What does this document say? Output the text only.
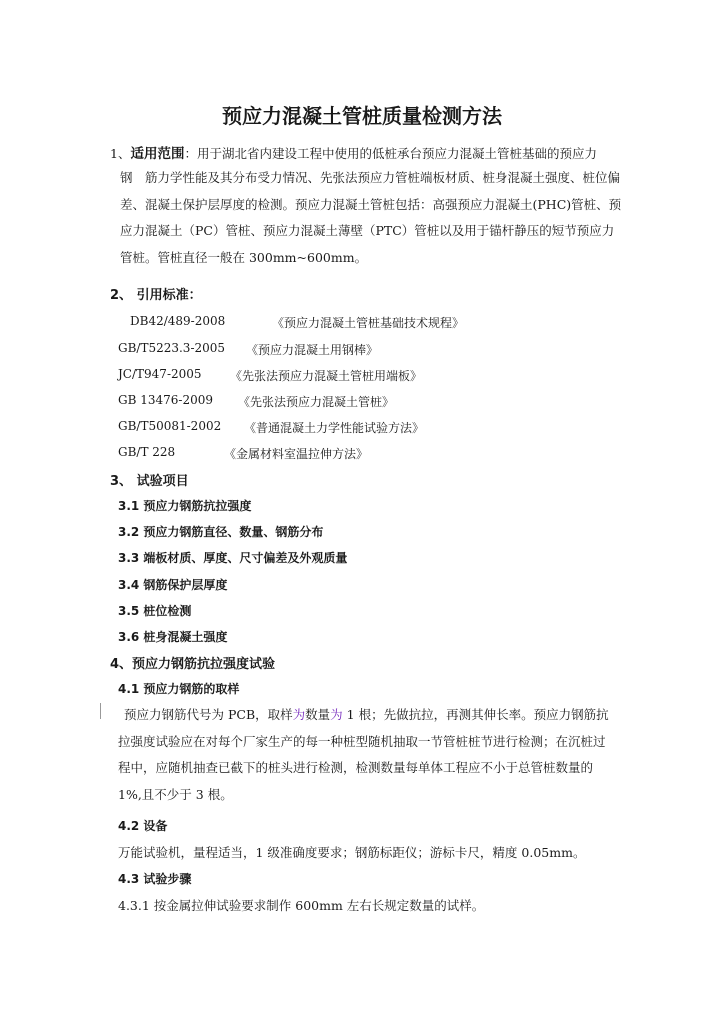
预应力混凝土管桩质量检测方法
1、适用范围：用于湖北省内建设工程中使用的低桩承台预应力混凝土管桩基础的预应力
钢　筋力学性能及其分布受力情况、先张法预应力管桩端板材质、桩身混凝土强度、桩位偏
差、混凝土保护层厚度的检测。预应力混凝土管桩包括：高强预应力混凝土(PHC)管桩、预
应力混凝土（PC）管桩、预应力混凝土薄壁（PTC）管桩以及用于锚杆静压的短节预应力
管桩。管桩直径一般在 300mm~600mm。
2、 引用标准：
DB42/489-2008	《预应力混凝土管桩基础技术规程》
GB/T5223.3-2005 《预应力混凝土用钢棒》
JC/T947-2005 《先张法预应力混凝土管桩用端板》
GB 13476-2009 《先张法预应力混凝土管桩》
GB/T50081-2002 《普通混凝土力学性能试验方法》
GB/T 228	《金属材料室温拉伸方法》
3、 试验项目
3.1 预应力钢筋抗拉强度
3.2 预应力钢筋直径、数量、钢筋分布
3.3 端板材质、厚度、尺寸偏差及外观质量
3.4 钢筋保护层厚度
3.5 桩位检测
3.6 桩身混凝土强度
4、预应力钢筋抗拉强度试验
4.1 预应力钢筋的取样
预应力钢筋代号为 PCB，取样为数量为 1 根；先做抗拉，再测其伸长率。预应力钢筋抗
拉强度试验应在对每个厂家生产的每一种桩型随机抽取一节管桩桩节进行检测；在沉桩过
程中，应随机抽查已截下的桩头进行检测，检测数量每单体工程应不小于总管桩数量的
1%,且不少于 3 根。
4.2 设备
万能试验机，量程适当，1 级准确度要求；钢筋标距仪；游标卡尺，精度 0.05mm。
4.3 试验步骤
4.3.1 按金属拉伸试验要求制作 600mm 左右长规定数量的试样。
